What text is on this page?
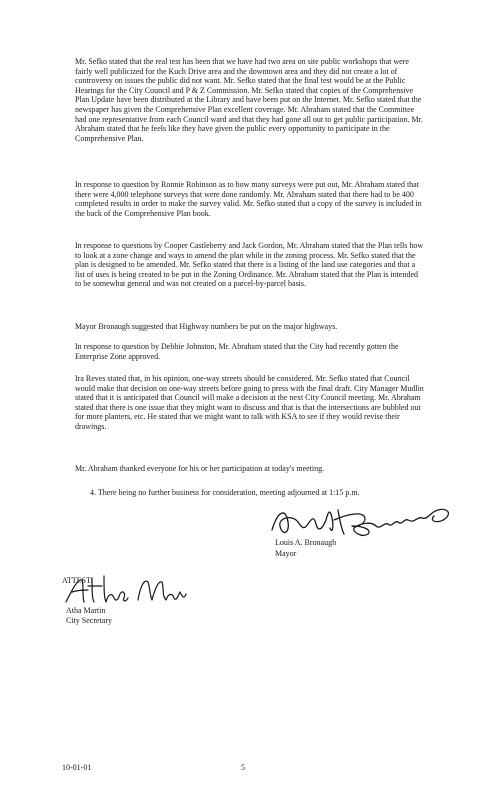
Mr. Sefko stated that the real test has been that we have had two area on site public workshops that were fairly well publicized for the Kuch Drive area and the downtown area and they did not create a lot of controversy on issues the public did not want. Mr. Sefko stated that the final test would be at the Public Hearings for the City Council and P & Z Commission. Mr. Sefko stated that copies of the Comprehensive Plan Update have been distributed at the Library and have been put on the Internet. Mr. Sefko stated that the newspaper has given the Comprehensive Plan excellent coverage. Mr. Abraham stated that the Committee had one representative from each Council ward and that they had gone all out to get public participation. Mr. Abraham stated that he feels like they have given the public every opportunity to participate in the Comprehensive Plan.

In response to question by Ronnie Robinson as to how many surveys were put out, Mr. Abraham stated that there were 4,000 telephone surveys that were done randomly. Mr. Abraham stated that there had to be 400 completed results in order to make the survey valid. Mr. Sefko stated that a copy of the survey is included in the back of the Comprehensive Plan book.

In response to questions by Cooper Castleberry and Jack Gordon, Mr. Abraham stated that the Plan tells how to look at a zone change and ways to amend the plan while in the zoning process. Mr. Sefko stated that the plan is designed to be amended. Mr. Sefko stated that there is a listing of the land use categories and that a list of uses is being created to be put in the Zoning Ordinance. Mr. Abraham stated that the Plan is intended to be somewhat general and was not created on a parcel-by-parcel basis.

Mayor Bronaugh suggested that Highway numbers be put on the major highways.

In response to question by Debbie Johnston, Mr. Abraham stated that the City had recently gotten the Enterprise Zone approved.

Ira Reves stated that, in his opinion, one-way streets should be considered. Mr. Sefko stated that Council would make that decision on one-way streets before going to press with the final draft. City Manager Mudlin stated that it is anticipated that Council will make a decision at the next City Council meeting. Mr. Abraham stated that there is one issue that they might want to discuss and that is that the intersections are bubbled out for more planters, etc. He stated that we might want to talk with KSA to see if they would revise their drawings.

Mr. Abraham thanked everyone for his or her participation at today's meeting.

4. There being no further business for consideration, meeting adjourned at 1:15 p.m.

Louis A. Bronaugh

Mayor

ATTEST:

Atha Martin

City Secretary

10-01-01	5
